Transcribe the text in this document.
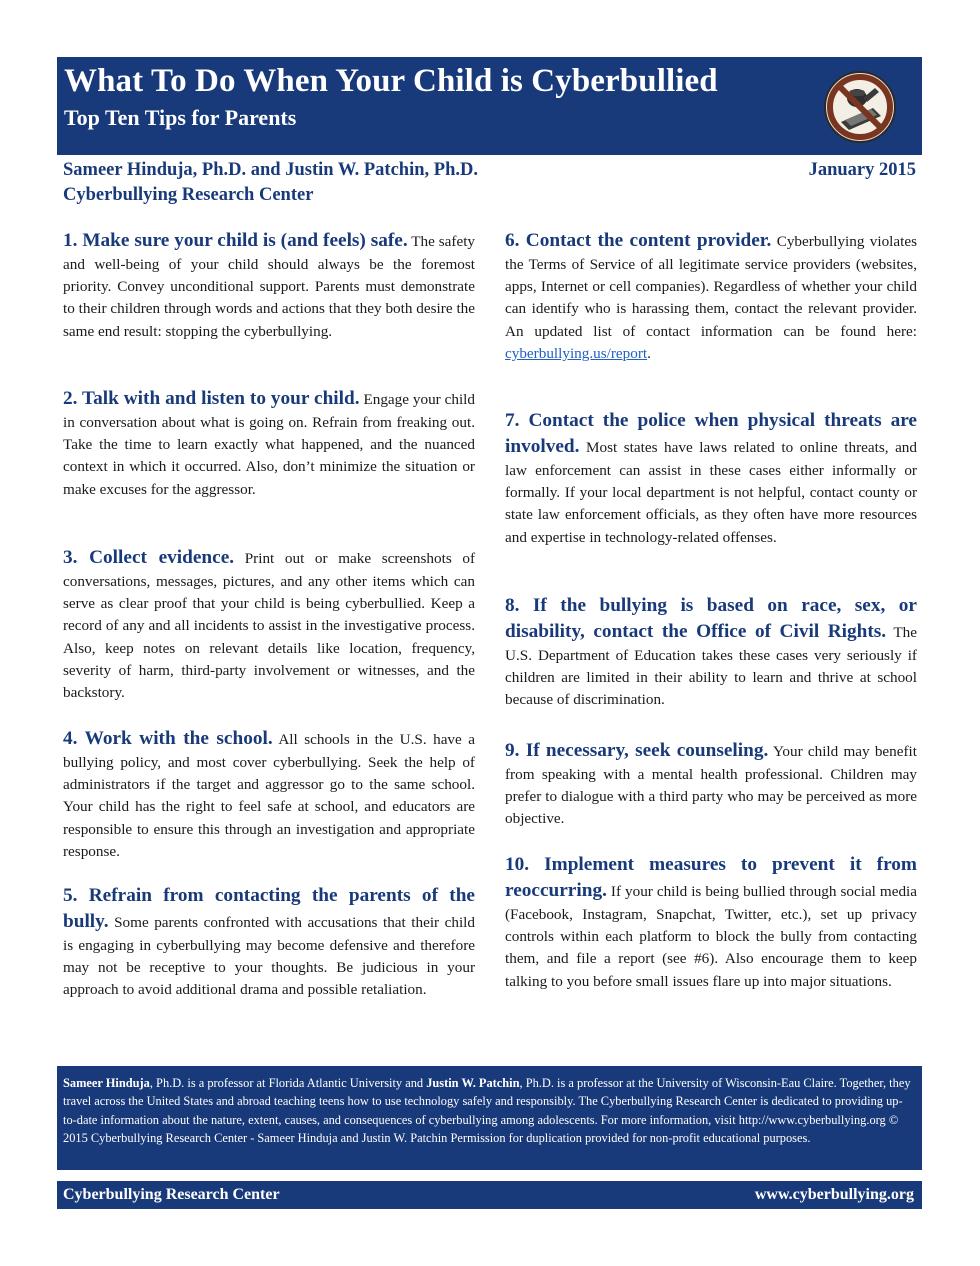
What To Do When Your Child is Cyberbullied
Top Ten Tips for Parents
Sameer Hinduja, Ph.D. and Justin W. Patchin, Ph.D.	January 2015
Cyberbullying Research Center
1. Make sure your child is (and feels) safe. The safety and well-being of your child should always be the foremost priority. Convey unconditional support. Parents must demonstrate to their children through words and actions that they both desire the same end result: stopping the cyberbullying.
2. Talk with and listen to your child. Engage your child in conversation about what is going on. Refrain from freaking out. Take the time to learn exactly what happened, and the nuanced context in which it occurred. Also, don’t minimize the situation or make excuses for the aggressor.
3. Collect evidence. Print out or make screenshots of conversations, messages, pictures, and any other items which can serve as clear proof that your child is being cyberbullied. Keep a record of any and all incidents to assist in the investigative process. Also, keep notes on relevant details like location, frequency, severity of harm, third-party involvement or witnesses, and the backstory.
4. Work with the school. All schools in the U.S. have a bullying policy, and most cover cyberbullying. Seek the help of administrators if the target and aggressor go to the same school. Your child has the right to feel safe at school, and educators are responsible to ensure this through an investigation and appropriate response.
5. Refrain from contacting the parents of the bully. Some parents confronted with accusations that their child is engaging in cyberbullying may become defensive and therefore may not be receptive to your thoughts. Be judicious in your approach to avoid additional drama and possible retaliation.
6. Contact the content provider. Cyberbullying violates the Terms of Service of all legitimate service providers (websites, apps, Internet or cell companies). Regardless of whether your child can identify who is harassing them, contact the relevant provider. An updated list of contact information can be found here: cyberbullying.us/report.
7. Contact the police when physical threats are involved. Most states have laws related to online threats, and law enforcement can assist in these cases either informally or formally. If your local department is not helpful, contact county or state law enforcement officials, as they often have more resources and expertise in technology-related offenses.
8. If the bullying is based on race, sex, or disability, contact the Office of Civil Rights. The U.S. Department of Education takes these cases very seriously if children are limited in their ability to learn and thrive at school because of discrimination.
9. If necessary, seek counseling. Your child may benefit from speaking with a mental health professional. Children may prefer to dialogue with a third party who may be perceived as more objective.
10. Implement measures to prevent it from reoccurring. If your child is being bullied through social media (Facebook, Instagram, Snapchat, Twitter, etc.), set up privacy controls within each platform to block the bully from contacting them, and file a report (see #6). Also encourage them to keep talking to you before small issues flare up into major situations.
Sameer Hinduja, Ph.D. is a professor at Florida Atlantic University and Justin W. Patchin, Ph.D. is a professor at the University of Wisconsin-Eau Claire. Together, they travel across the United States and abroad teaching teens how to use technology safely and responsibly. The Cyberbullying Research Center is dedicated to providing up-to-date information about the nature, extent, causes, and consequences of cyberbullying among adolescents. For more information, visit http://www.cyberbullying.org © 2015 Cyberbullying Research Center - Sameer Hinduja and Justin W. Patchin Permission for duplication provided for non-profit educational purposes.
Cyberbullying Research Center	www.cyberbullying.org
